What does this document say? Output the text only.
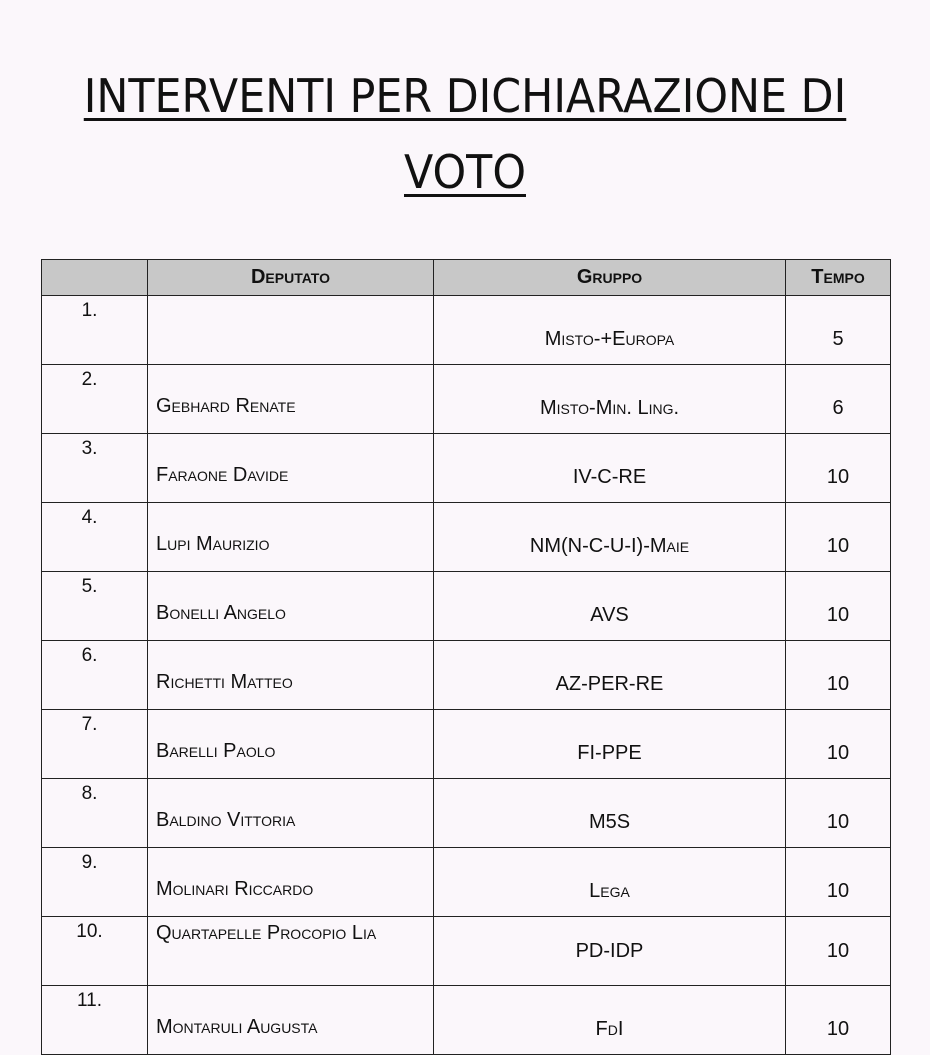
INTERVENTI PER DICHIARAZIONE DI VOTO
	Deputato	Gruppo	Tempo
1.		Misto-+Europa	5
2.	Gebhard Renate	Misto-Min. Ling.	6
3.	Faraone Davide	IV-C-RE	10
4.	Lupi Maurizio	NM(N-C-U-I)-Maie	10
5.	Bonelli Angelo	AVS	10
6.	Richetti Matteo	AZ-PER-RE	10
7.	Barelli Paolo	FI-PPE	10
8.	Baldino Vittoria	M5S	10
9.	Molinari Riccardo	Lega	10
10.	Quartapelle Procopio Lia	PD-IDP	10
11.	Montaruli Augusta	FdI	10
